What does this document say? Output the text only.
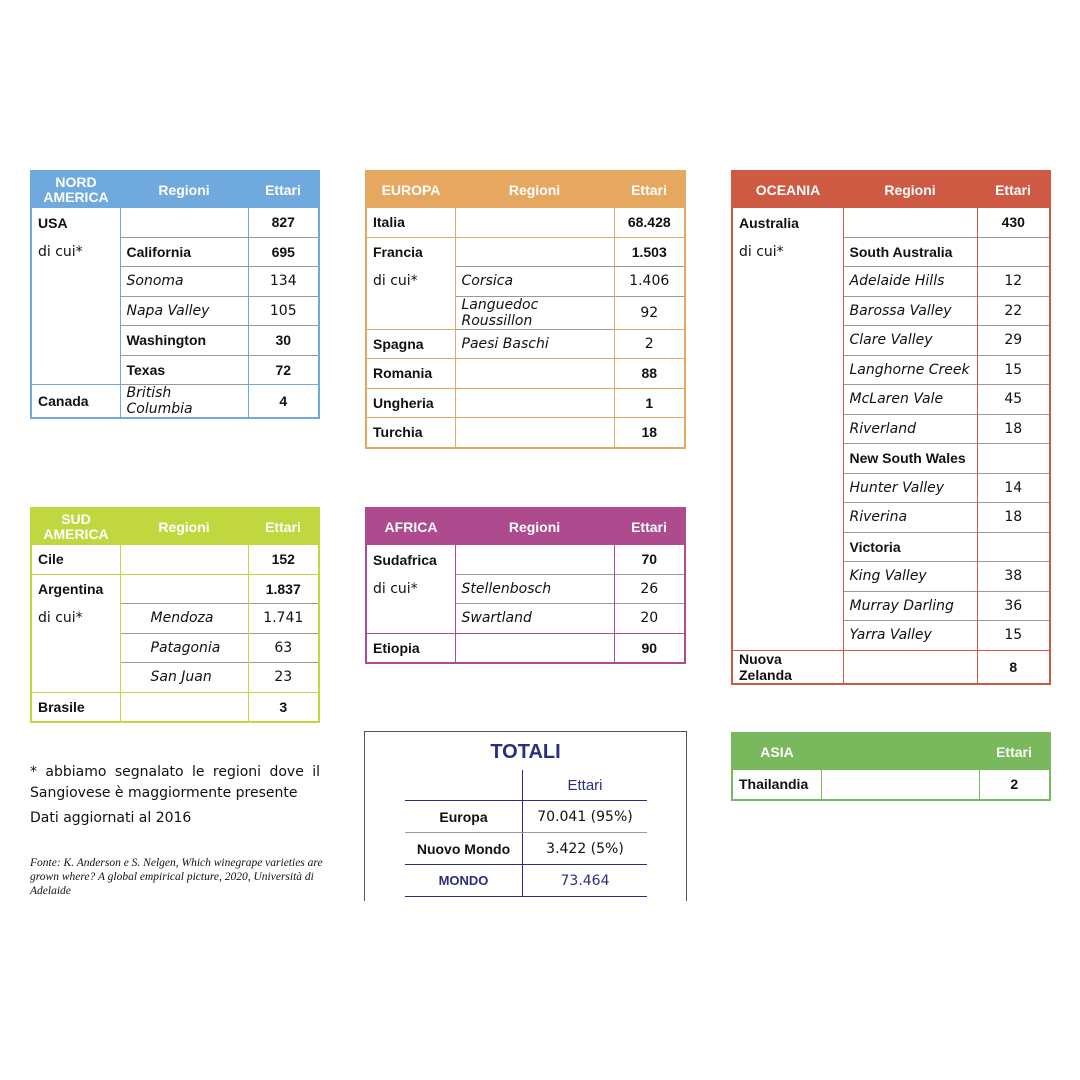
NORD
AMERICA	Regioni	Ettari
USA		827
di cui*	California	695
	Sonoma	134
	Napa Valley	105
	Washington	30
	Texas	72
Canada	British Columbia	4
EUROPA	Regioni	Ettari
Italia		68.428
Francia		1.503
di cui*	Corsica	1.406
	Languedoc Roussillon	92
Spagna	Paesi Baschi	2
Romania		88
Ungheria		1
Turchia		18
OCEANIA	Regioni	Ettari
Australia		430
di cui*	South Australia	
	Adelaide Hills	12
	Barossa Valley	22
	Clare Valley	29
	Langhorne Creek	15
	McLaren Vale	45
	Riverland	18
	New South Wales	
	Hunter Valley	14
	Riverina	18
	Victoria	
	King Valley	38
	Murray Darling	36
	Yarra Valley	15
Nuova Zelanda		8
SUD
AMERICA	Regioni	Ettari
Cile		152
Argentina		1.837
di cui*	Mendoza	1.741
	Patagonia	63
	San Juan	23
Brasile		3
AFRICA	Regioni	Ettari
Sudafrica		70
di cui*	Stellenbosch	26
	Swartland	20
Etiopia		90
ASIA		Ettari
Thailandia		2

* abbiamo segnalato le regioni dove il Sangiovese è maggiormente presente

Dati aggiornati al 2016

Fonte: K. Anderson e S. Nelgen, Which winegrape varieties are grown where? A global empirical picture, 2020, Università di Adelaide
TOTALI
	Ettari
Europa	70.041 (95%)
Nuovo Mondo	3.422 (5%)
MONDO	73.464
